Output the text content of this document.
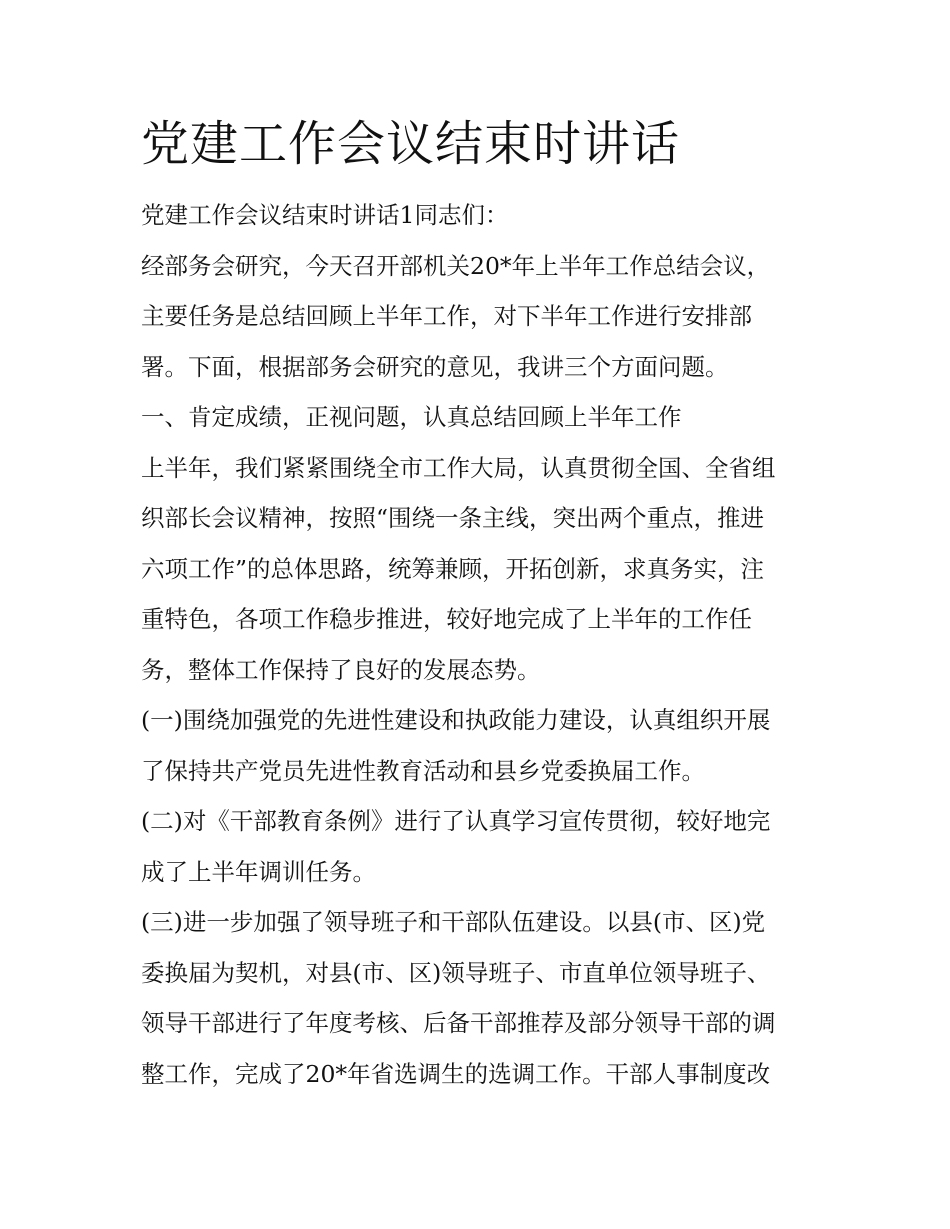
党建工作会议结束时讲话
党建工作会议结束时讲话1同志们：
经部务会研究，今天召开部机关20*年上半年工作总结会议，
主要任务是总结回顾上半年工作，对下半年工作进行安排部
署。下面，根据部务会研究的意见，我讲三个方面问题。
一、肯定成绩，正视问题，认真总结回顾上半年工作
上半年，我们紧紧围绕全市工作大局，认真贯彻全国、全省组
织部长会议精神，按照“围绕一条主线，突出两个重点，推进
六项工作”的总体思路，统筹兼顾，开拓创新，求真务实，注
重特色，各项工作稳步推进，较好地完成了上半年的工作任
务，整体工作保持了良好的发展态势。
(一)围绕加强党的先进性建设和执政能力建设，认真组织开展
了保持共产党员先进性教育活动和县乡党委换届工作。
(二)对《干部教育条例》进行了认真学习宣传贯彻，较好地完
成了上半年调训任务。
(三)进一步加强了领导班子和干部队伍建设。以县(市、区)党
委换届为契机，对县(市、区)领导班子、市直单位领导班子、
领导干部进行了年度考核、后备干部推荐及部分领导干部的调
整工作，完成了20*年省选调生的选调工作。干部人事制度改
